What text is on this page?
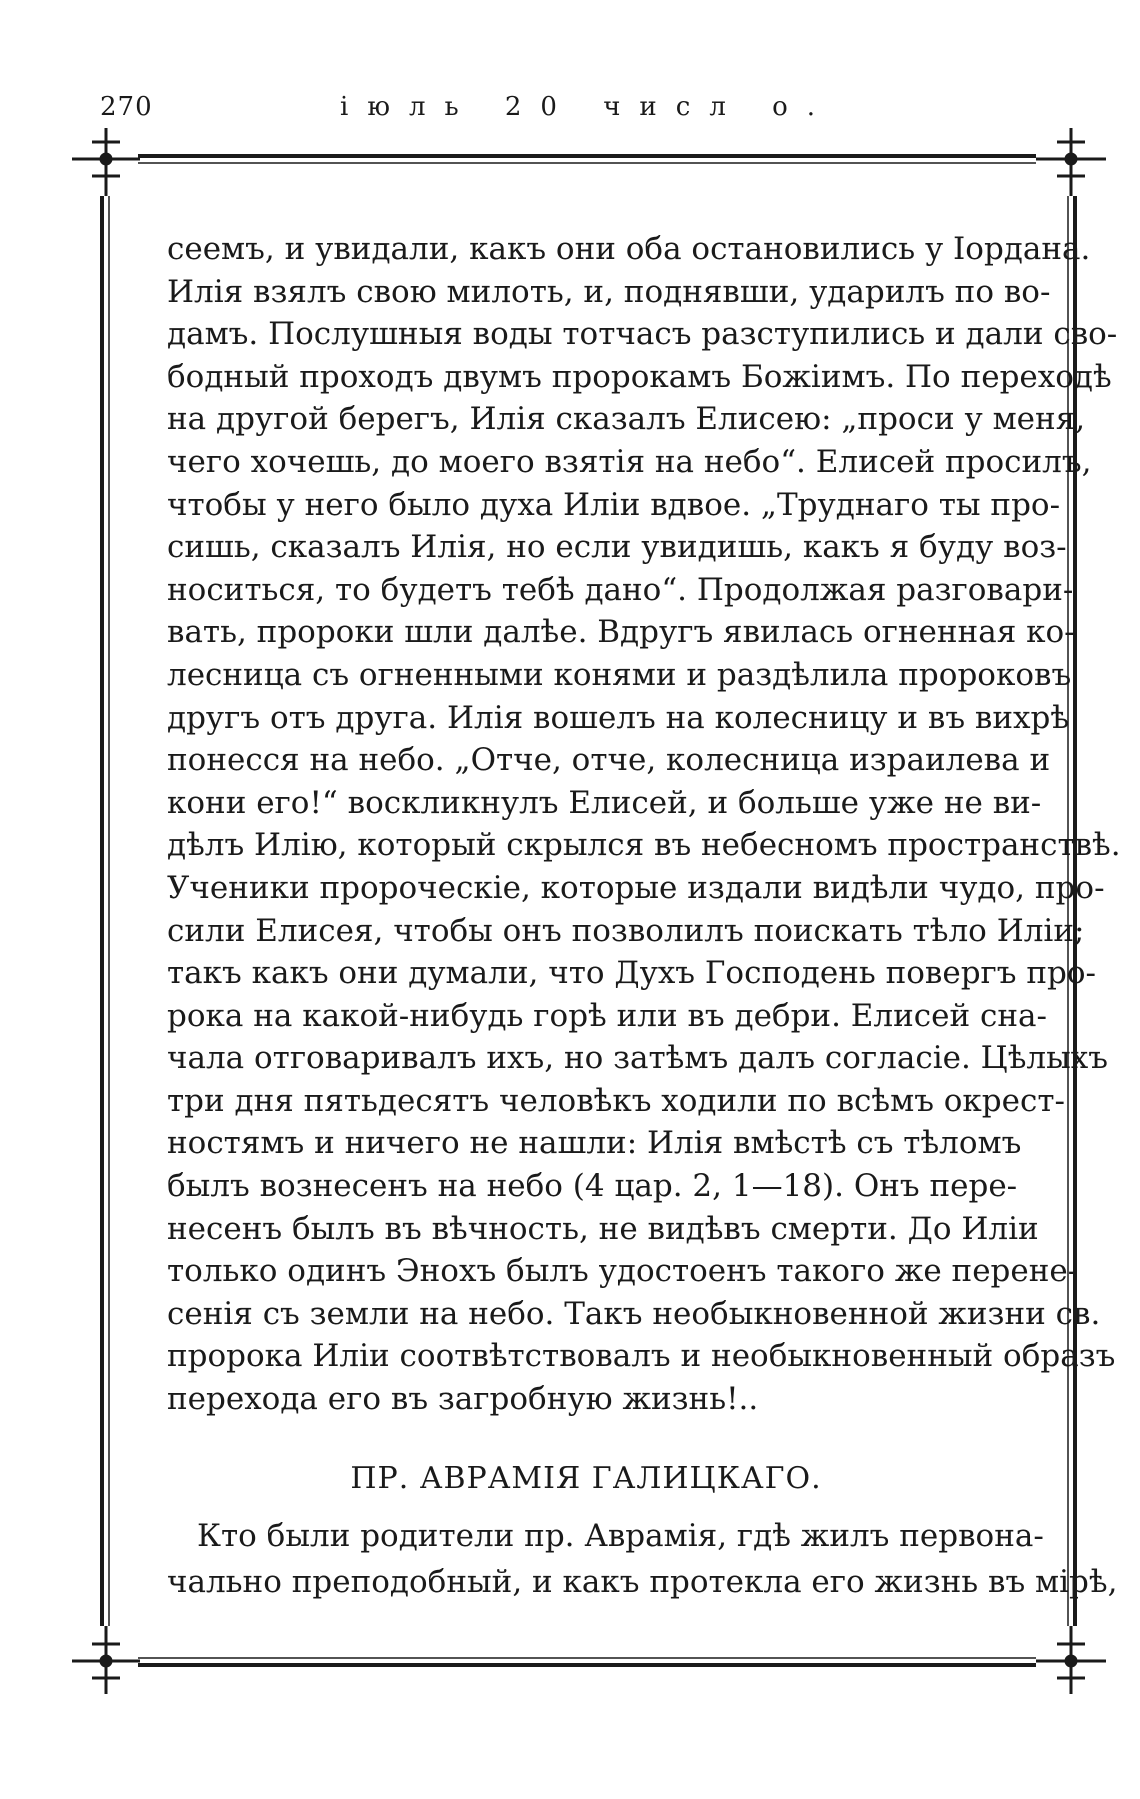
270	іюль 20 числ о.
сеемъ, и увидали, какъ они оба остановились у Іордана.
Илія взялъ свою милоть, и, поднявши, ударилъ по во-
дамъ. Послушныя воды тотчасъ разступились и дали сво-
бодный проходъ двумъ пророкамъ Божіимъ. По переходѣ
на другой берегъ, Илія сказалъ Елисею: „проси у меня,
чего хочешь, до моего взятія на небо“. Елисей просилъ,
чтобы у него было духа Иліи вдвое. „Труднаго ты про-
сишь, сказалъ Илія, но если увидишь, какъ я буду воз-
носиться, то будетъ тебѣ дано“. Продолжая разговари-
вать, пророки шли далѣе. Вдругъ явилась огненная ко-
лесница съ огненными конями и раздѣлила пророковъ
другъ отъ друга. Илія вошелъ на колесницу и въ вихрѣ
понесся на небо. „Отче, отче, колесница израилева и
кони его!“ воскликнулъ Елисей, и больше уже не ви-
дѣлъ Илію, который скрылся въ небесномъ пространствѣ.
Ученики пророческіе, которые издали видѣли чудо, про-
сили Елисея, чтобы онъ позволилъ поискать тѣло Иліи;
такъ какъ они думали, что Духъ Господень повергъ про-
рока на какой-нибудь горѣ или въ дебри. Елисей сна-
чала отговаривалъ ихъ, но затѣмъ далъ согласіе. Цѣлыхъ
три дня пятьдесятъ человѣкъ ходили по всѣмъ окрест-
ностямъ и ничего не нашли: Илія вмѣстѣ съ тѣломъ
былъ вознесенъ на небо (4 цар. 2, 1—18). Онъ пере-
несенъ былъ въ вѣчность, не видѣвъ смерти. До Иліи
только одинъ Энохъ былъ удостоенъ такого же перене-
сенія съ земли на небо. Такъ необыкновенной жизни св.
пророка Иліи соотвѣтствовалъ и необыкновенный образъ
перехода его въ загробную жизнь!..
ПР. АВРАМІЯ ГАЛИЦКАГО.
Кто были родители пр. Аврамія, гдѣ жилъ первона-
чально преподобный, и какъ протекла его жизнь въ мірѣ,
